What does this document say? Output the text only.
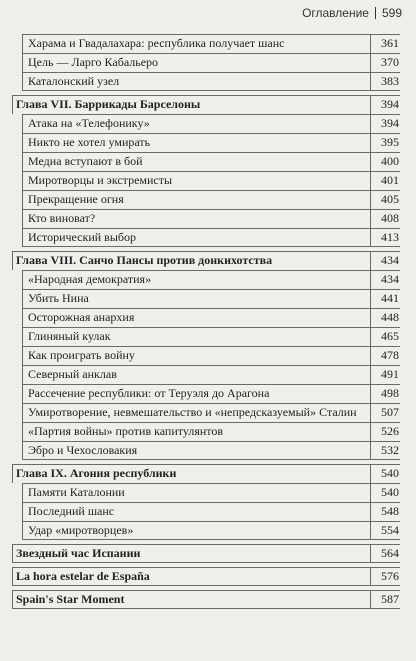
Оглавление 599
Харама и Гвадалахара: республика получает шанс	361
Цель — Ларго Кабальеро	370
Каталонский узел	383
Глава VII. Баррикады Барселоны	394
Атака на «Телефонику»	394
Никто не хотел умирать	395
Медиа вступают в бой	400
Миротворцы и экстремисты	401
Прекращение огня	405
Кто виноват?	408
Исторический выбор	413
Глава VIII. Санчо Пансы против донкихотства	434
«Народная демократия»	434
Убить Нина	441
Осторожная анархия	448
Глиняный кулак	465
Как проиграть войну	478
Северный анклав	491
Рассечение республики: от Теруэля до Арагона	498
Умиротворение, невмешательство и «непредсказуемый» Сталин	507
«Партия войны» против капитулянтов	526
Эбро и Чехословакия	532
Глава IX. Агония республики	540
Памяти Каталонии	540
Последний шанс	548
Удар «миротворцев»	554
Звездный час Испании	564
La hora estelar de España	576
Spain's Star Moment	587
